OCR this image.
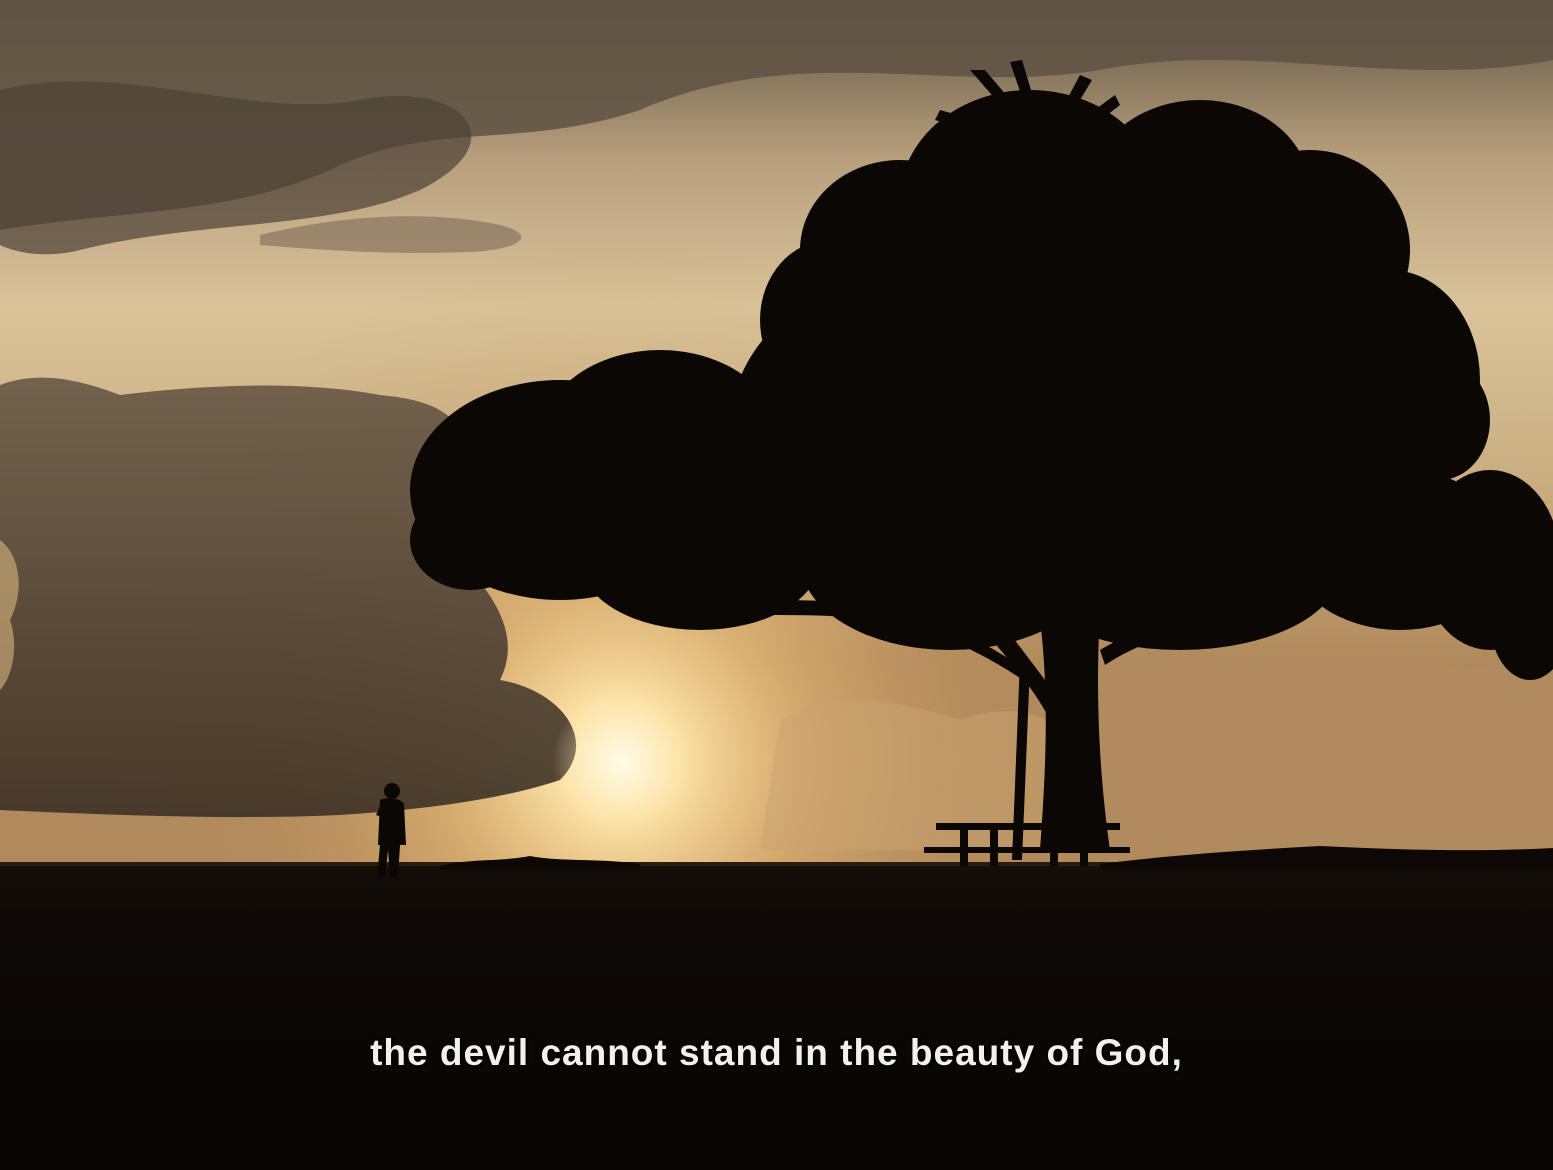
the devil cannot stand in the beauty of God,
